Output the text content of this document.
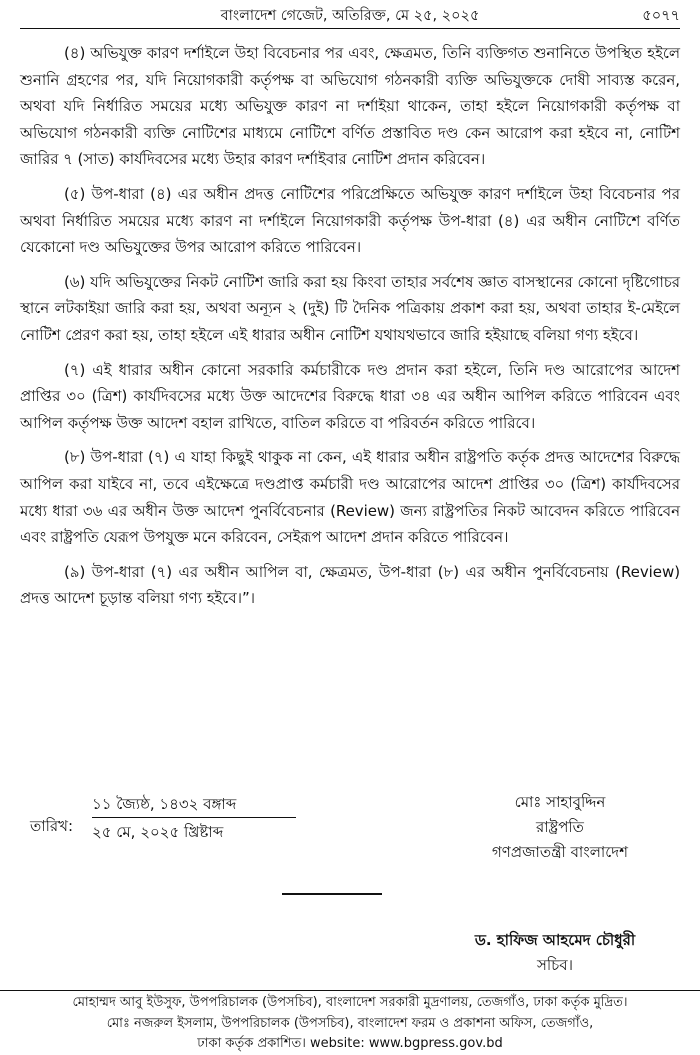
বাংলাদেশ গেজেট, অতিরিক্ত, মে ২৫, ২০২৫	৫০৭৭

(৪) অভিযুক্ত কারণ দর্শাইলে উহা বিবেচনার পর এবং, ক্ষেত্রমত, তিনি ব্যক্তিগত শুনানিতে উপস্থিত হইলে শুনানি গ্রহণের পর, যদি নিয়োগকারী কর্তৃপক্ষ বা অভিযোগ গঠনকারী ব্যক্তি অভিযুক্তকে দোষী সাব্যস্ত করেন, অথবা যদি নির্ধারিত সময়ের মধ্যে অভিযুক্ত কারণ না দর্শাইয়া থাকেন, তাহা হইলে নিয়োগকারী কর্তৃপক্ষ বা অভিযোগ গঠনকারী ব্যক্তি নোটিশের মাধ্যমে নোটিশে বর্ণিত প্রস্তাবিত দণ্ড কেন আরোপ করা হইবে না, নোটিশ জারির ৭ (সাত) কার্যদিবসের মধ্যে উহার কারণ দর্শাইবার নোটিশ প্রদান করিবেন।

(৫) উপ-ধারা (৪) এর অধীন প্রদত্ত নোটিশের পরিপ্রেক্ষিতে অভিযুক্ত কারণ দর্শাইলে উহা বিবেচনার পর অথবা নির্ধারিত সময়ের মধ্যে কারণ না দর্শাইলে নিয়োগকারী কর্তৃপক্ষ উপ-ধারা (৪) এর অধীন নোটিশে বর্ণিত যেকোনো দণ্ড অভিযুক্তের উপর আরোপ করিতে পারিবেন।

(৬) যদি অভিযুক্তের নিকট নোটিশ জারি করা হয় কিংবা তাহার সর্বশেষ জ্ঞাত বাসস্থানের কোনো দৃষ্টিগোচর স্থানে লটকাইয়া জারি করা হয়, অথবা অন্যূন ২ (দুই) টি দৈনিক পত্রিকায় প্রকাশ করা হয়, অথবা তাহার ই-মেইলে নোটিশ প্রেরণ করা হয়, তাহা হইলে এই ধারার অধীন নোটিশ যথাযথভাবে জারি হইয়াছে বলিয়া গণ্য হইবে।

(৭) এই ধারার অধীন কোনো সরকারি কর্মচারীকে দণ্ড প্রদান করা হইলে, তিনি দণ্ড আরোপের আদেশ প্রাপ্তির ৩০ (ত্রিশ) কার্যদিবসের মধ্যে উক্ত আদেশের বিরুদ্ধে ধারা ৩৪ এর অধীন আপিল করিতে পারিবেন এবং আপিল কর্তৃপক্ষ উক্ত আদেশ বহাল রাখিতে, বাতিল করিতে বা পরিবর্তন করিতে পারিবে।

(৮) উপ-ধারা (৭) এ যাহা কিছুই থাকুক না কেন, এই ধারার অধীন রাষ্ট্রপতি কর্তৃক প্রদত্ত আদেশের বিরুদ্ধে আপিল করা যাইবে না, তবে এইক্ষেত্রে দণ্ডপ্রাপ্ত কর্মচারী দণ্ড আরোপের আদেশ প্রাপ্তির ৩০ (ত্রিশ) কার্যদিবসের মধ্যে ধারা ৩৬ এর অধীন উক্ত আদেশ পুনর্বিবেচনার (Review) জন্য রাষ্ট্রপতির নিকট আবেদন করিতে পারিবেন এবং রাষ্ট্রপতি যেরূপ উপযুক্ত মনে করিবেন, সেইরূপ আদেশ প্রদান করিতে পারিবেন।

(৯) উপ-ধারা (৭) এর অধীন আপিল বা, ক্ষেত্রমত, উপ-ধারা (৮) এর অধীন পুনর্বিবেচনায় (Review) প্রদত্ত আদেশ চূড়ান্ত বলিয়া গণ্য হইবে।”।

তারিখ:
১১ জ্যৈষ্ঠ, ১৪৩২ বঙ্গাব্দ
২৫ মে, ২০২৫ খ্রিষ্টাব্দ
মোঃ সাহাবুদ্দিন
রাষ্ট্রপতি
গণপ্রজাতন্ত্রী বাংলাদেশ
ড. হাফিজ আহমেদ চৌধুরী
সচিব।
মোহাম্মদ আবু ইউসুফ, উপপরিচালক (উপসচিব), বাংলাদেশ সরকারী মুদ্রণালয়, তেজগাঁও, ঢাকা কর্তৃক মুদ্রিত।
মোঃ নজরুল ইসলাম, উপপরিচালক (উপসচিব), বাংলাদেশ ফরম ও প্রকাশনা অফিস, তেজগাঁও,
ঢাকা কর্তৃক প্রকাশিত। website: www.bgpress.gov.bd
